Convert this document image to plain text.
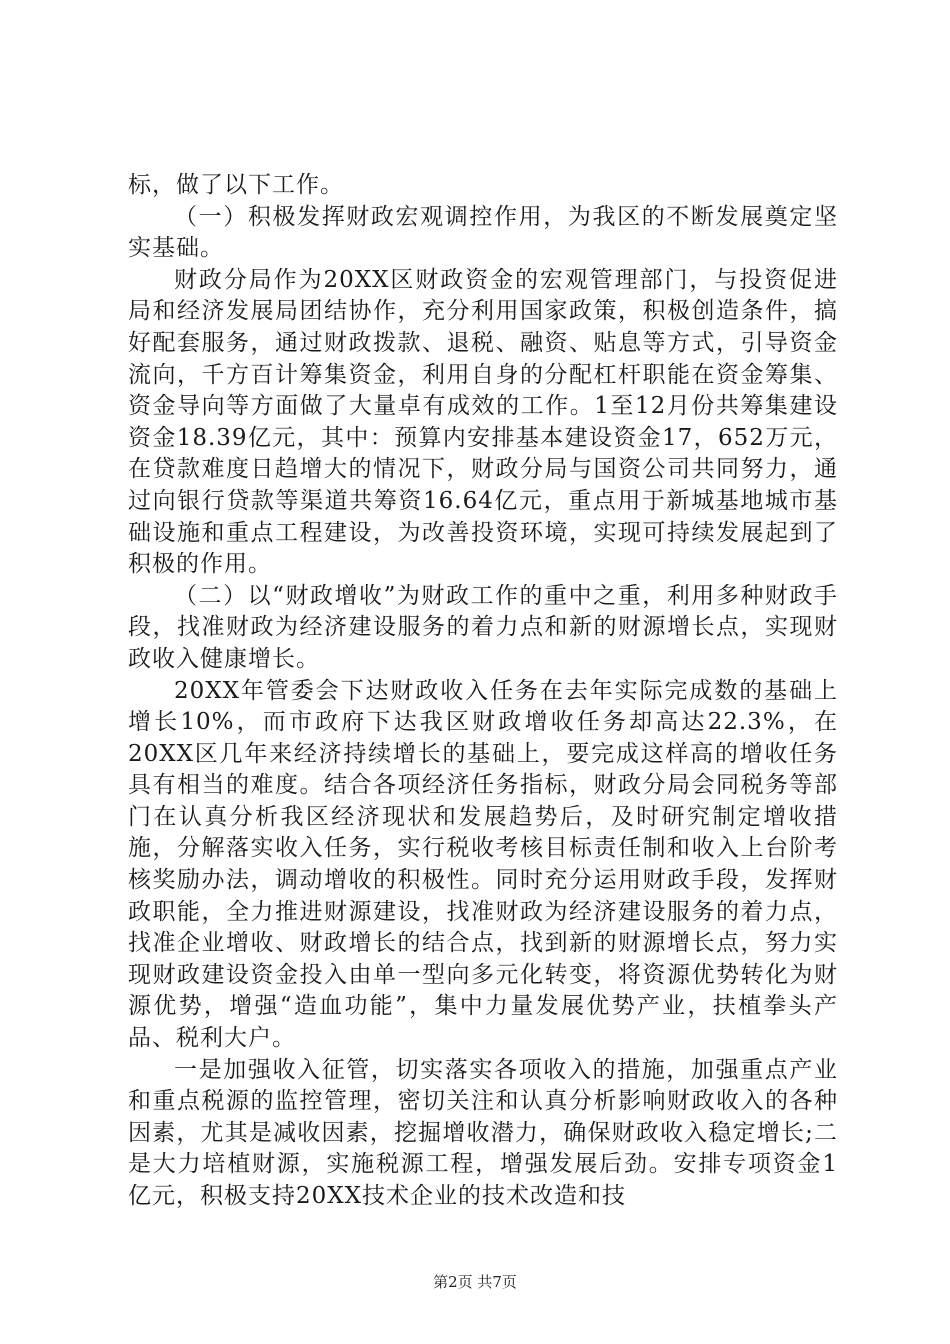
标，做了以下工作。

（一）积极发挥财政宏观调控作用，为我区的不断发展奠定坚实基础。

财政分局作为20XX区财政资金的宏观管理部门，与投资促进局和经济发展局团结协作，充分利用国家政策，积极创造条件，搞好配套服务，通过财政拨款、退税、融资、贴息等方式，引导资金流向，千方百计筹集资金，利用自身的分配杠杆职能在资金筹集、资金导向等方面做了大量卓有成效的工作。1至12月份共筹集建设资金18.39亿元，其中：预算内安排基本建设资金17，652万元，在贷款难度日趋增大的情况下，财政分局与国资公司共同努力，通过向银行贷款等渠道共筹资16.64亿元，重点用于新城基地城市基础设施和重点工程建设，为改善投资环境，实现可持续发展起到了积极的作用。

（二）以“财政增收”为财政工作的重中之重，利用多种财政手段，找准财政为经济建设服务的着力点和新的财源增长点，实现财政收入健康增长。

20XX年管委会下达财政收入任务在去年实际完成数的基础上增长10%，而市政府下达我区财政增收任务却高达22.3%，在20XX区几年来经济持续增长的基础上，要完成这样高的增收任务具有相当的难度。结合各项经济任务指标，财政分局会同税务等部门在认真分析我区经济现状和发展趋势后，及时研究制定增收措施，分解落实收入任务，实行税收考核目标责任制和收入上台阶考核奖励办法，调动增收的积极性。同时充分运用财政手段，发挥财政职能，全力推进财源建设，找准财政为经济建设服务的着力点，找准企业增收、财政增长的结合点，找到新的财源增长点，努力实现财政建设资金投入由单一型向多元化转变，将资源优势转化为财源优势，增强“造血功能”，集中力量发展优势产业，扶植拳头产品、税利大户。

一是加强收入征管，切实落实各项收入的措施，加强重点产业和重点税源的监控管理，密切关注和认真分析影响财政收入的各种因素，尤其是减收因素，挖掘增收潜力，确保财政收入稳定增长;二是大力培植财源，实施税源工程，增强发展后劲。安排专项资金1亿元，积极支持20XX技术企业的技术改造和技

第2页 共7页
